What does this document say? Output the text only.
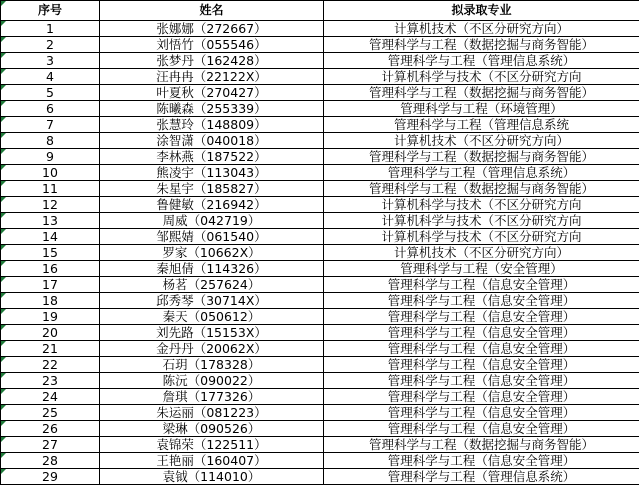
序号	姓名	拟录取专业
1	张娜娜（272667）	计算机技术（不区分研究方向）
2	刘悟竹（055546）	管理科学与工程（数据挖掘与商务智能）
3	张梦丹（162428）	管理科学与工程（管理信息系统）
4	汪冉冉（22122X）	计算机科学与技术（不区分研究方向
5	叶夏秋（270427）	管理科学与工程（数据挖掘与商务智能）
6	陈曦森（255339）	管理科学与工程（环境管理）
7	张慧玲（148809）	管理科学与工程（管理信息系统
8	涂智潇（040018）	计算机技术（不区分研究方向）
9	李林燕（187522）	管理科学与工程（数据挖掘与商务智能）
10	熊凌宇（113043）	管理科学与工程（管理信息系统）
11	朱星宇（185827）	管理科学与工程（数据挖掘与商务智能）
12	鲁健敏（216942）	计算机科学与技术（不区分研究方向
13	周威（042719）	计算机科学与技术（不区分研究方向
14	邹熙婧（061540）	计算机科学与技术（不区分研究方向
15	罗家（10662X）	计算机技术（不区分研究方向）
16	秦旭倩（114326）	管理科学与工程（安全管理）
17	杨茗（257624）	管理科学与工程（信息安全管理）
18	邱秀琴（30714X）	管理科学与工程（信息安全管理）
19	秦天（050612）	管理科学与工程（信息安全管理）
20	刘先路（15153X）	管理科学与工程（信息安全管理）
21	金丹丹（20062X）	管理科学与工程（信息安全管理）
22	石玥（178328）	管理科学与工程（信息安全管理）
23	陈沅（090022）	管理科学与工程（信息安全管理）
24	詹琪（177326）	管理科学与工程（信息安全管理）
25	朱运丽（081223）	管理科学与工程（信息安全管理）
26	梁琳（090526）	管理科学与工程（信息安全管理）
27	袁锦荣（122511）	管理科学与工程（数据挖掘与商务智能）
28	王艳丽（160407）	管理科学与工程（信息安全管理）
29	袁钺（114010）	管理科学与工程（管理信息系统）
